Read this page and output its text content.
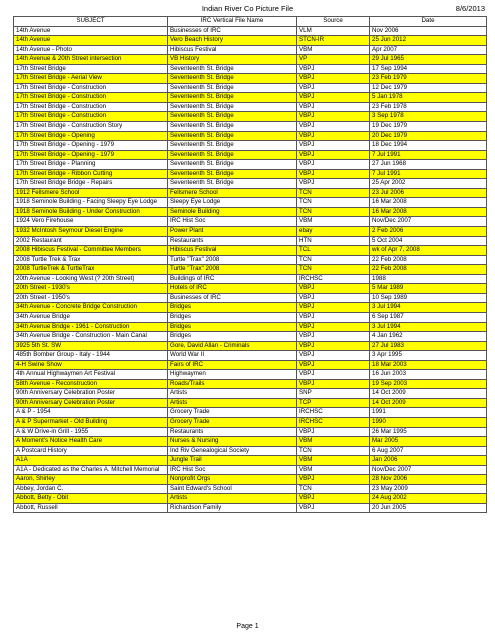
Indian River Co Picture File	8/6/2013
SUBJECT	IRC Vertical File Name	Source	Date
14th Avenue	Businesses of IRC	VLM	Nov 2006
14th Avenue	Vero Beach History	STCN-IR	25 Jun 2012
14th Avenue - Photo	Hibiscus Festival	VBM	Apr 2007
14th Avenue & 20th Street intersection	VB History	VP	29 Jul 1965
17th Street Bridge	Seventeenth St. Bridge	VBPJ	17 Sep 1994
17th Street Bridge - Aerial View	Seventeenth St. Bridge	VBPJ	23 Feb 1979
17th Street Bridge - Construction	Seventeenth St. Bridge	VBPJ	12 Dec 1979
17th Street Bridge - Construction	Seventeenth St. Bridge	VBPJ	5 Jan 1978
17th Street Bridge - Construction	Seventeenth St. Bridge	VBPJ	23 Feb 1978
17th Street Bridge - Construction	Seventeenth St. Bridge	VBPJ	3 Sep 1978
17th Street Bridge - Construction Story	Seventeenth St. Bridge	VBPJ	19 Dec 1979
17th Street Bridge - Opening	Seventeenth St. Bridge	VBPJ	20 Dec 1979
17th Street Bridge - Opening - 1979	Seventeenth St. Bridge	VBPJ	18 Dec 1994
17th Street Bridge - Opening - 1979	Seventeenth St. Bridge	VBPJ	7 Jul 1991
17th Street Bridge - Planning	Seventeenth St. Bridge	VBPJ	27 Jun 1968
17th Street Bridge - Ribbon Cutting	Seventeenth St. Bridge	VBPJ	7 Jul 1991
17th Street Bridge Bridge - Repairs	Seventeenth St. Bridge	VBPJ	25 Apr 2002
1912 Fellsmere School	Fellsmere School	TCN	23 Jul 2006
1918 Seminole Building - Facing Sleepy Eye Lodge	Sleepy Eye Lodge	TCN	16 Mar 2008
1918 Seminole Building - Under Construction	Seminole Building	TCN	16 Mar 2008
1924 Vero Firehouse	IRC Hist Soc	VBM	Nov/Dec 2007
1932 McIntosh Seymour Diesel Engine	Power Plant	ebay	2 Feb 2006
2002 Restaurant	Restaurants	HTN	5 Oct 2004
2008 Hibiscus Festival - Committee Members	Hibiscus Festival	TCL	wk of Apr 7, 2008
2008 Turtle Trek & Trax	Turtle "Trax" 2008	TCN	22 Feb 2008
2008 TurtleTrek & TurtleTrax	Turtle "Trax" 2008	TCN	22 Feb 2008
20th Avenue - Looking West (? 20th Street)	Buildings of IRC	IRCHSC	1988
20th Street - 1930's	Hotels of IRC	VBPJ	5 Mar 1989
20th Street - 1950's	Businesses of IRC	VBPJ	10 Sep 1989
34th Avenue - Concrete Bridge Construction	Bridges	VBPJ	3 Jul 1994
34th Avenue Bridge	Bridges	VBPJ	6 Sep 1987
34th Avenue Bridge - 1961 - Construction	Bridges	VBPJ	3 Jul 1994
34th Avenue Bridge - Construction - Main Canal	Bridges	VBPJ	4 Jan 1962
3925 5th St. SW	Gore, David Allan - Criminals	VBPJ	27 Jul 1983
485th Bomber Group - Italy - 1944	World War II	VBPJ	3 Apr 1995
4-H Swine Show	Fairs of IRC	VBPJ	18 Mar 2003
4th Annual Highwaymen Art Festival	Highwaymen	VBPJ	16 Jun 2003
58th Avenue - Reconstruction	Roads/Trails	VBPJ	19 Sep 2003
90th Anniversary Celebration Poster	Artists	SNP	14 Oct 2009
90th Anniversary Celebration Poster	Artists	TCP	14 Oct 2009
A & P - 1954	Grocery Trade	IRCHSC	1991
A & P Supermarket - Old Building	Grocery Trade	IRCHSC	1990
A & W Drive-in Grill - 1955	Restaurants	VBPJ	26 Mar 1995
A Moment's Notice Health Care	Nurses & Nursing	VBM	Mar 2005
A Postcard History	Ind Riv Genealogical Society	TCN	6 Aug 2007
A1A	Jungle Trail	VBM	Jan 2006
A1A - Dedicated as the Charles A. Mitchell Memorial	IRC Hist Soc	VBM	Nov/Dec 2007
Aaron, Shirley	Nonprofit Orgs	VBPJ	28 Nov 2006
Abbey, Jordan C.	Saint Edward's School	TCN	23 May 2009
Abbott, Betty - Obit	Artists	VBPJ	24 Aug 2002
Abbott, Russell	Richardson Family	VBPJ	20 Jun 2005
Page 1
